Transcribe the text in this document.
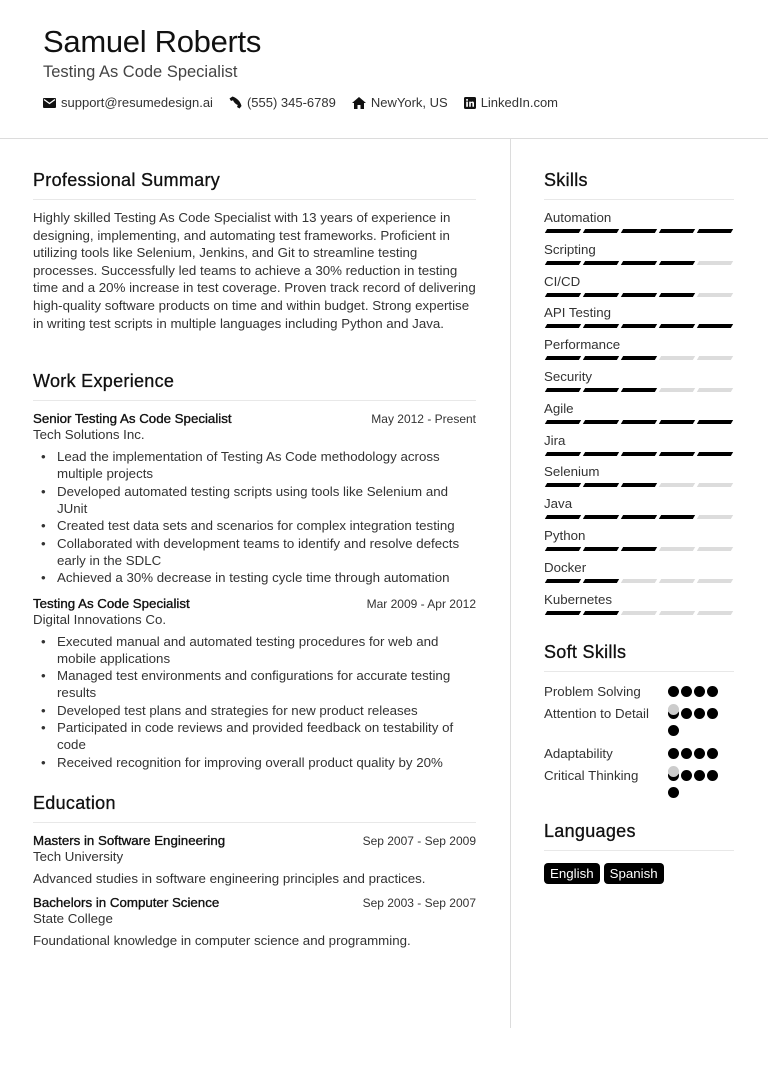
Samuel Roberts
Testing As Code Specialist
support@resumedesign.ai	(555) 345-6789	NewYork, US	LinkedIn.com
Professional Summary

Highly skilled Testing As Code Specialist with 13 years of experience in designing, implementing, and automating test frameworks. Proficient in utilizing tools like Selenium, Jenkins, and Git to streamline testing processes. Successfully led teams to achieve a 30% reduction in testing time and a 20% increase in test coverage. Proven track record of delivering high-quality software products on time and within budget. Strong expertise in writing test scripts in multiple languages including Python and Java.

Work Experience
Senior Testing As Code Specialist	May 2012 - Present
Tech Solutions Inc.
• Lead the implementation of Testing As Code methodology across multiple projects
• Developed automated testing scripts using tools like Selenium and JUnit
• Created test data sets and scenarios for complex integration testing
• Collaborated with development teams to identify and resolve defects early in the SDLC
• Achieved a 30% decrease in testing cycle time through automation
Testing As Code Specialist	Mar 2009 - Apr 2012
Digital Innovations Co.
• Executed manual and automated testing procedures for web and mobile applications
• Managed test environments and configurations for accurate testing results
• Developed test plans and strategies for new product releases
• Participated in code reviews and provided feedback on testability of code
• Received recognition for improving overall product quality by 20%
Education
Masters in Software Engineering	Sep 2007 - Sep 2009
Tech University
Advanced studies in software engineering principles and practices.
Bachelors in Computer Science	Sep 2003 - Sep 2007
State College
Foundational knowledge in computer science and programming.
Skills
Automation
Scripting
CI/CD
API Testing
Performance
Security
Agile
Jira
Selenium
Java
Python
Docker
Kubernetes
Soft Skills
Problem Solving
Attention to Detail
Adaptability
Critical Thinking
Languages
English	Spanish
